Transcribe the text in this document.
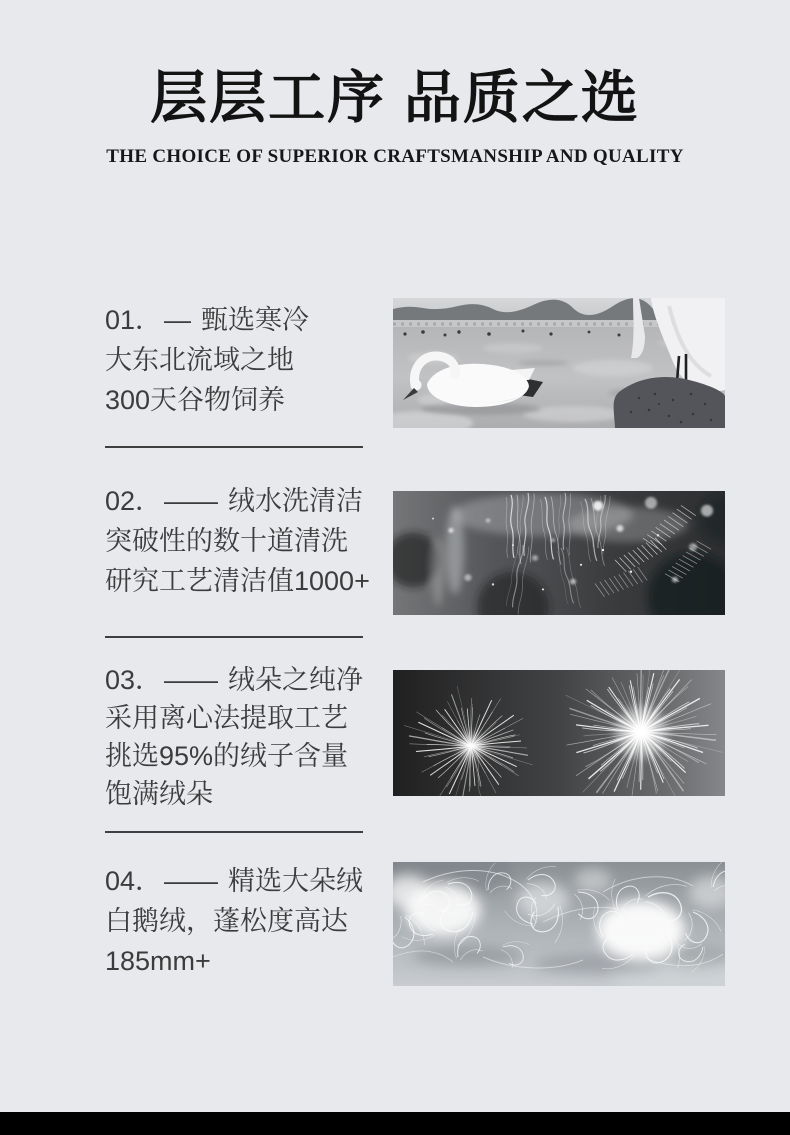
层层工序 品质之选
THE CHOICE OF SUPERIOR CRAFTSMANSHIP AND QUALITY
01．— 甄选寒冷
大东北流域之地
300天谷物饲养
02．—— 绒水洗清洁
突破性的数十道清洗
研究工艺清洁值1000+
03．—— 绒朵之纯净
采用离心法提取工艺
挑选95%的绒子含量
饱满绒朵
04．—— 精选大朵绒
白鹅绒，蓬松度高达
185mm+
